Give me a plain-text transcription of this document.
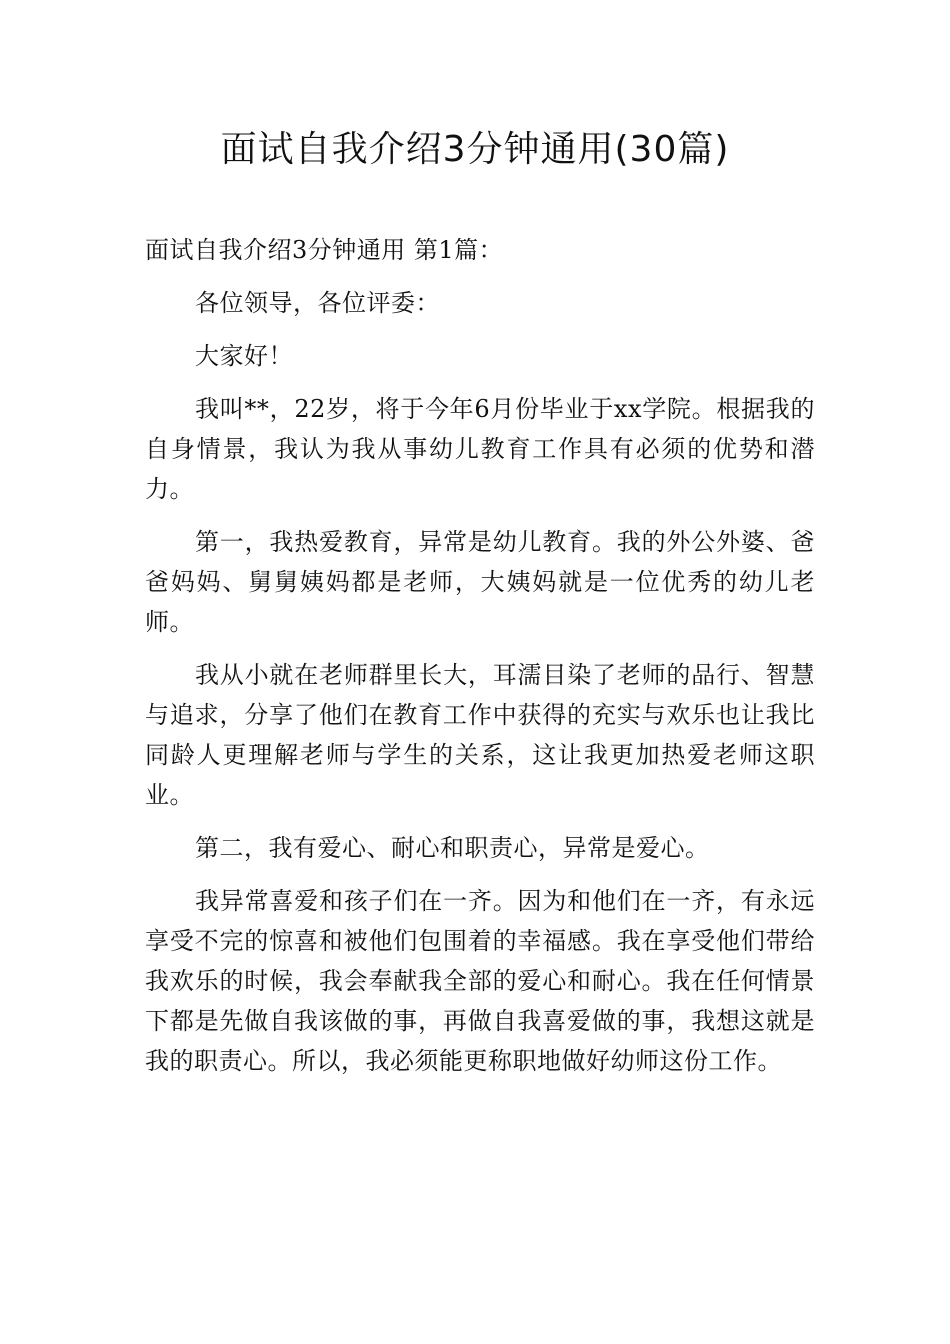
面试自我介绍3分钟通用(30篇)

面试自我介绍3分钟通用 第1篇：

各位领导，各位评委：

大家好！

我叫**，22岁，将于今年6月份毕业于xx学院。根据我的自身情景，我认为我从事幼儿教育工作具有必须的优势和潜力。

第一，我热爱教育，异常是幼儿教育。我的外公外婆、爸爸妈妈、舅舅姨妈都是老师，大姨妈就是一位优秀的幼儿老师。

我从小就在老师群里长大，耳濡目染了老师的品行、智慧与追求，分享了他们在教育工作中获得的充实与欢乐也让我比同龄人更理解老师与学生的关系，这让我更加热爱老师这职业。

第二，我有爱心、耐心和职责心，异常是爱心。

我异常喜爱和孩子们在一齐。因为和他们在一齐，有永远享受不完的惊喜和被他们包围着的幸福感。我在享受他们带给我欢乐的时候，我会奉献我全部的爱心和耐心。我在任何情景下都是先做自我该做的事，再做自我喜爱做的事，我想这就是我的职责心。所以，我必须能更称职地做好幼师这份工作。
